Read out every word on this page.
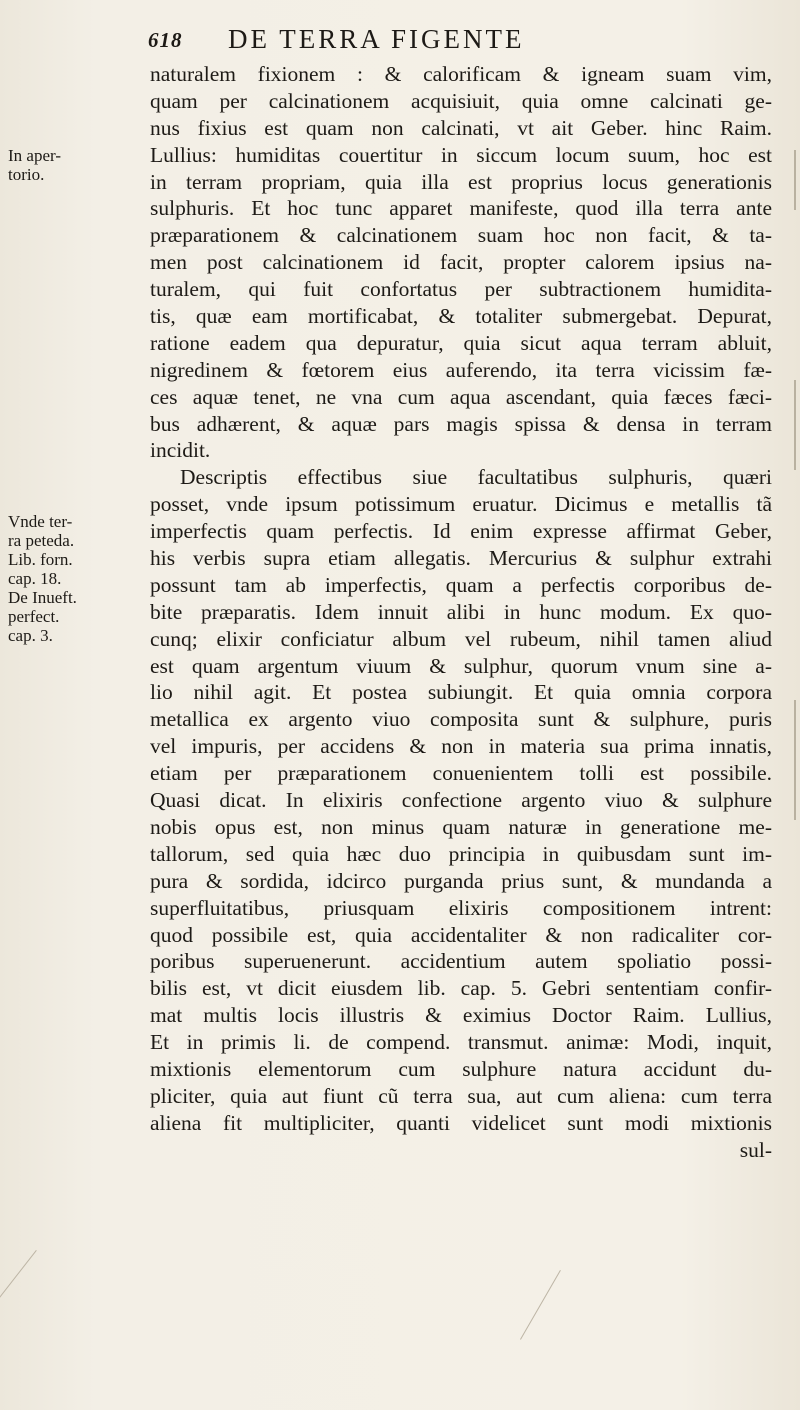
618 DE TERRA FIGENTE
In aper-
torio.
Vnde ter-
ra peteda.
Lib. forn.
cap. 18.
De Inueft.
perfect.
cap. 3.
naturalem fixionem : & calorificam & igneam suam vim,
quam per calcinationem acquisiuit, quia omne calcinati ge-
nus fixius est quam non calcinati, vt ait Geber. hinc Raim.
Lullius: humiditas couertitur in siccum locum suum, hoc est
in terram propriam, quia illa est proprius locus generationis
sulphuris. Et hoc tunc apparet manifeste, quod illa terra ante
præparationem & calcinationem suam hoc non facit, & ta-
men post calcinationem id facit, propter calorem ipsius na-
turalem, qui fuit confortatus per subtractionem humidita-
tis, quæ eam mortificabat, & totaliter submergebat. Depurat,
ratione eadem qua depuratur, quia sicut aqua terram abluit,
nigredinem & fœtorem eius auferendo, ita terra vicissim fæ-
ces aquæ tenet, ne vna cum aqua ascendant, quia fæces fæci-
bus adhærent, & aquæ pars magis spissa & densa in terram
incidit.
Descriptis effectibus siue facultatibus sulphuris, quæri
posset, vnde ipsum potissimum eruatur. Dicimus e metallis tã
imperfectis quam perfectis. Id enim expresse affirmat Geber,
his verbis supra etiam allegatis. Mercurius & sulphur extrahi
possunt tam ab imperfectis, quam a perfectis corporibus de-
bite præparatis. Idem innuit alibi in hunc modum. Ex quo-
cunq; elixir conficiatur album vel rubeum, nihil tamen aliud
est quam argentum viuum & sulphur, quorum vnum sine a-
lio nihil agit. Et postea subiungit. Et quia omnia corpora
metallica ex argento viuo composita sunt & sulphure, puris
vel impuris, per accidens & non in materia sua prima innatis,
etiam per præparationem conuenientem tolli est possibile.
Quasi dicat. In elixiris confectione argento viuo & sulphure
nobis opus est, non minus quam naturæ in generatione me-
tallorum, sed quia hæc duo principia in quibusdam sunt im-
pura & sordida, idcirco purganda prius sunt, & mundanda a
superfluitatibus, priusquam elixiris compositionem intrent:
quod possibile est, quia accidentaliter & non radicaliter cor-
poribus superuenerunt. accidentium autem spoliatio possi-
bilis est, vt dicit eiusdem lib. cap. 5. Gebri sententiam confir-
mat multis locis illustris & eximius Doctor Raim. Lullius,
Et in primis li. de compend. transmut. animæ: Modi, inquit,
mixtionis elementorum cum sulphure natura accidunt du-
pliciter, quia aut fiunt cũ terra sua, aut cum aliena: cum terra
aliena fit multipliciter, quanti videlicet sunt modi mixtionis
sul-
